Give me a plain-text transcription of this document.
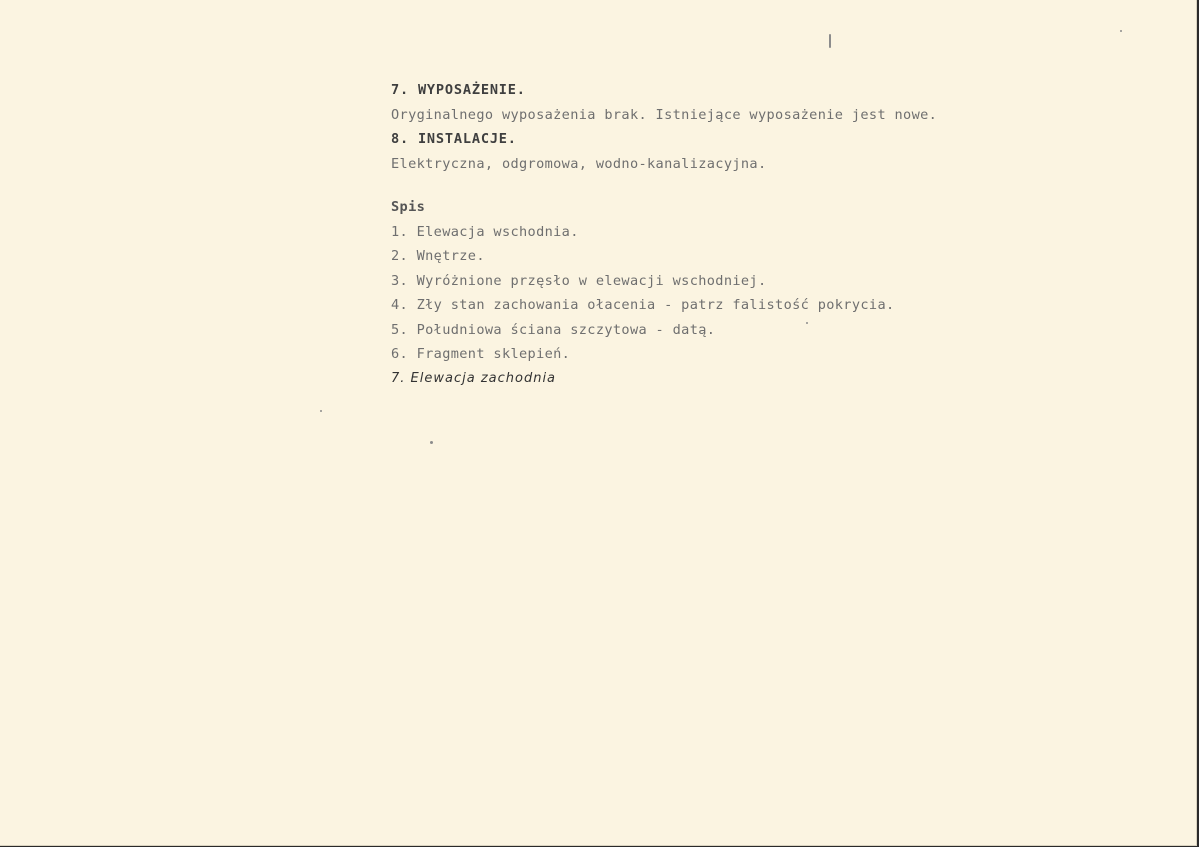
7. WYPOSAŻENIE.
Oryginalnego wyposażenia brak. Istniejące wyposażenie jest nowe.
8. INSTALACJE.
Elektryczna, odgromowa, wodno-kanalizacyjna.
Spis
1. Elewacja wschodnia.
2. Wnętrze.
3. Wyróżnione przęsło w elewacji wschodniej.
4. Zły stan zachowania ołacenia - patrz falistość pokrycia.
5. Południowa ściana szczytowa - datą.
6. Fragment sklepień.
7. Elewacja zachodnia
